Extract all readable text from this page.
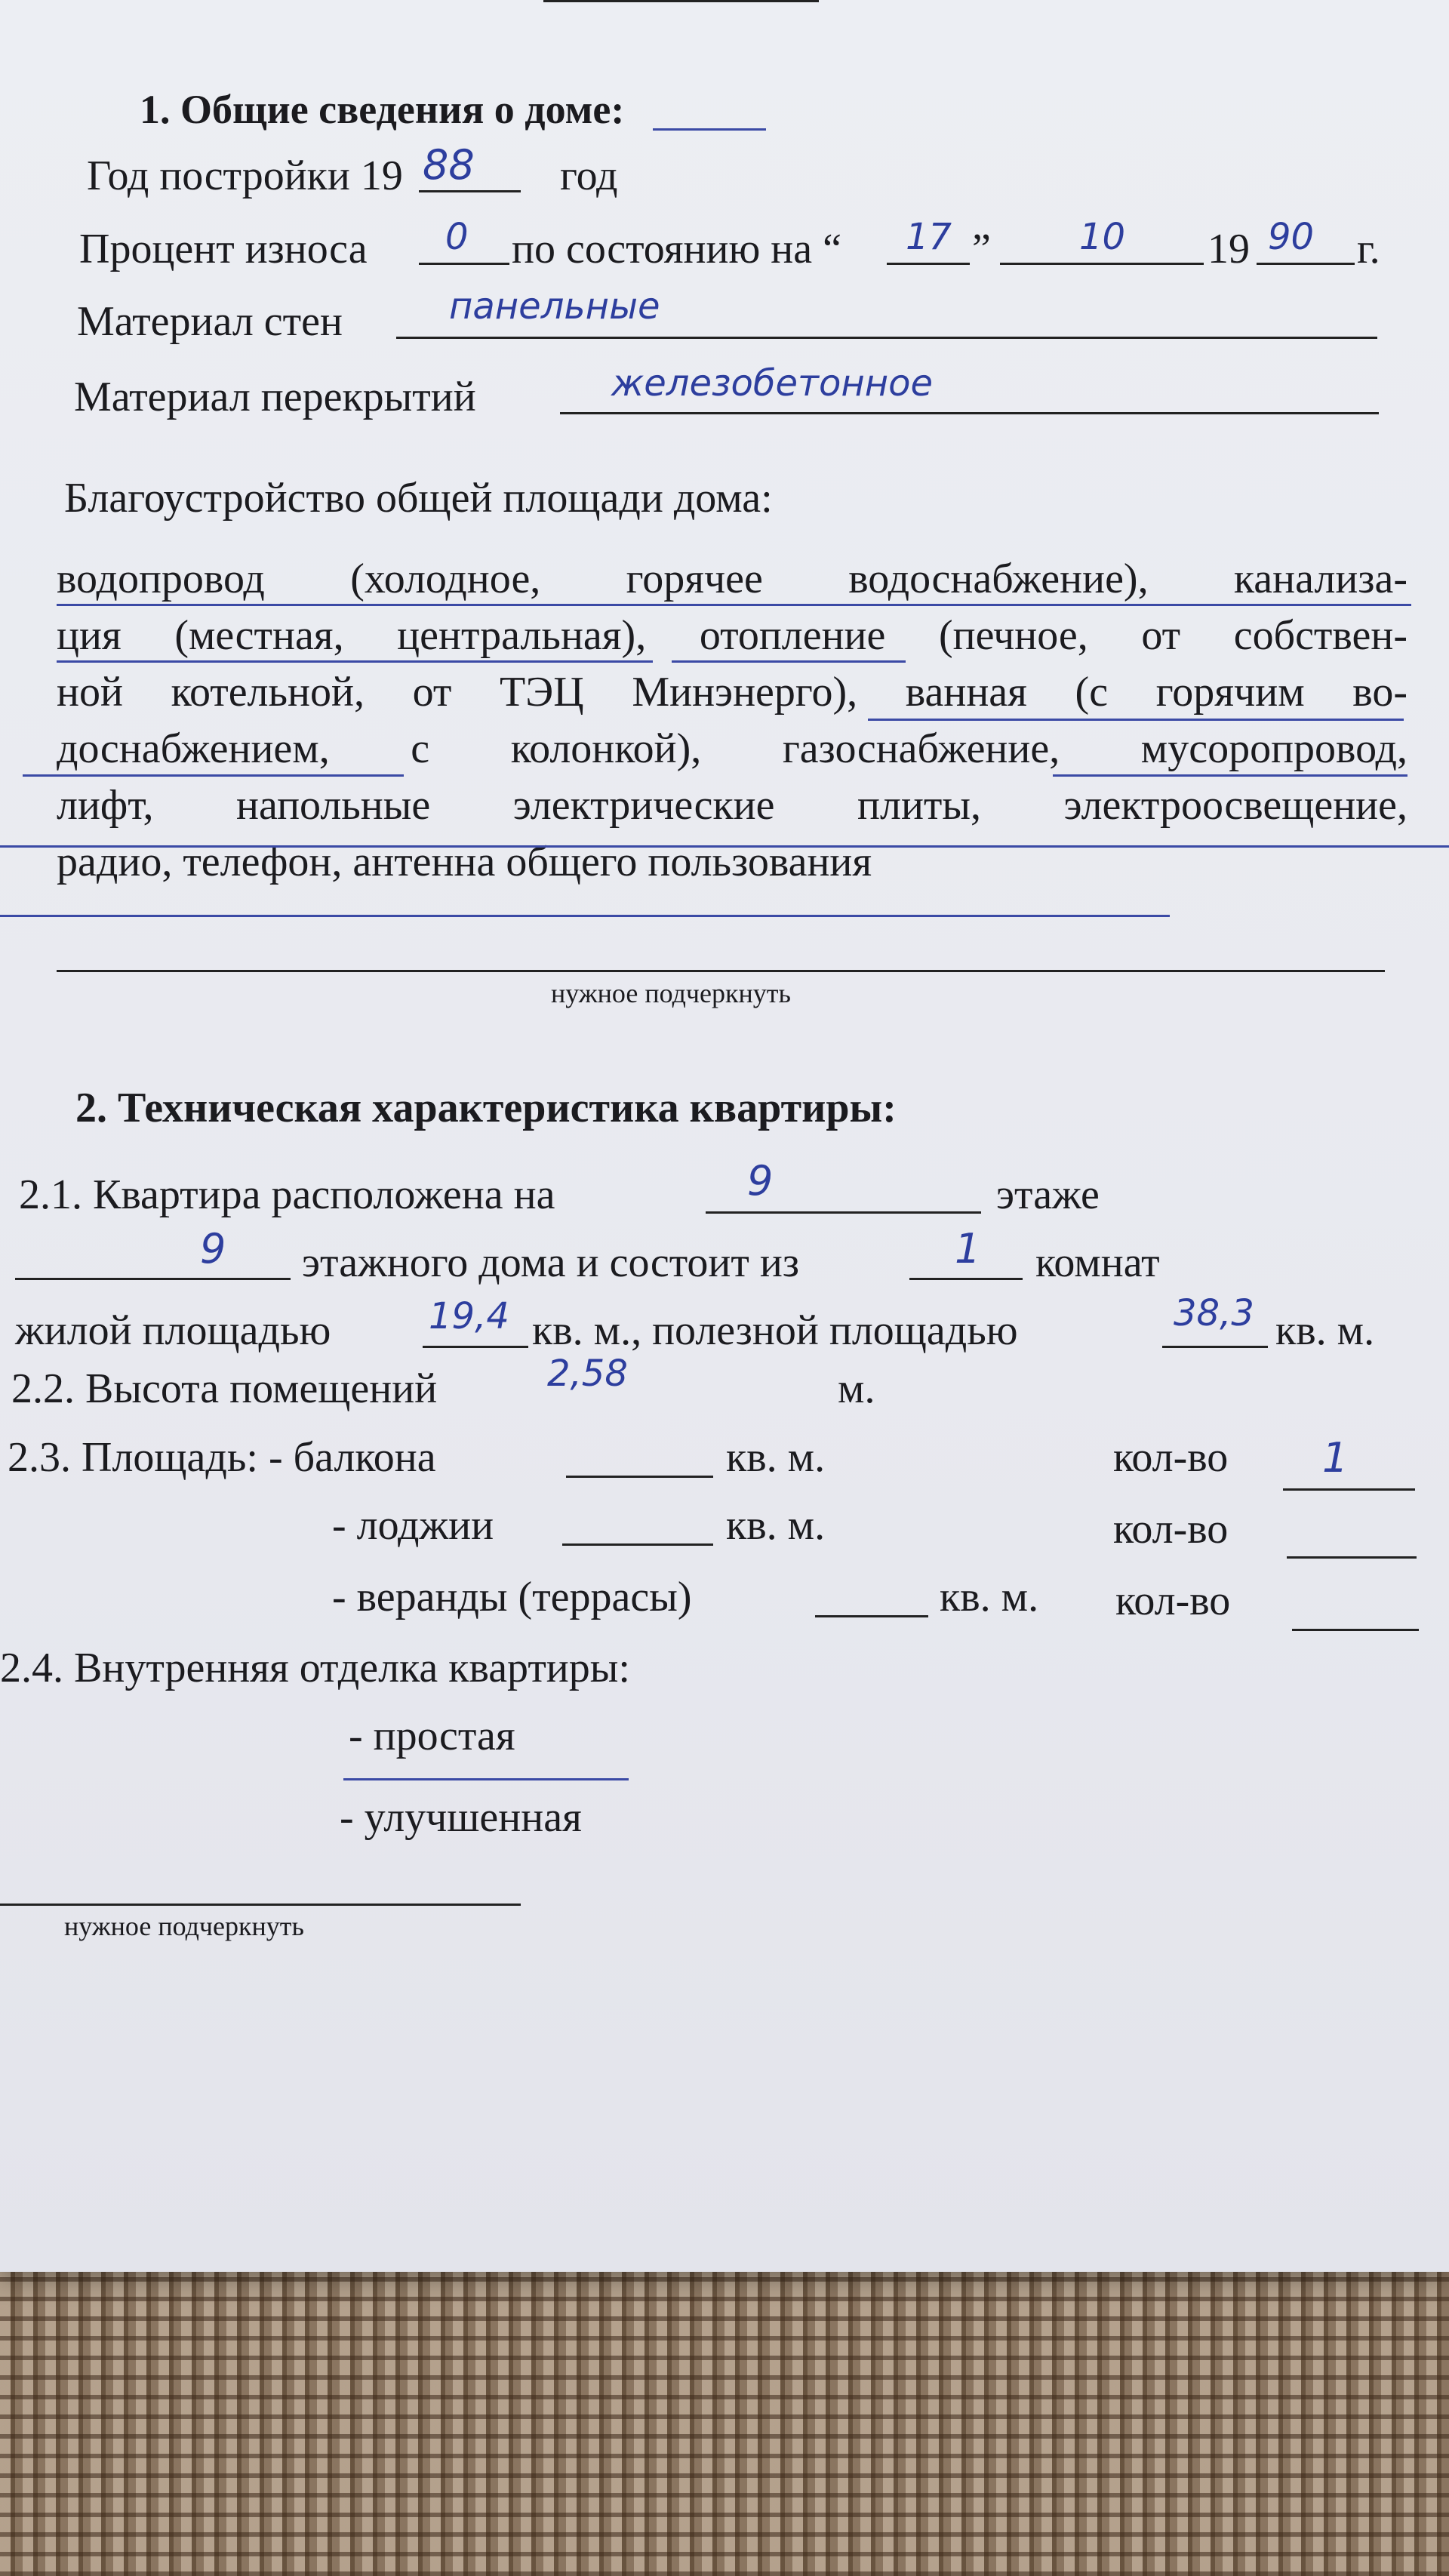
1. Общие сведения о доме:
Год постройки 19 88 год
Процент износа 0 по состоянию на “ 17 ” 10 19 90 г.
Материал стен	панельные
Материал перекрытий	железобетонное
Благоустройство общей площади дома:
водопровод (холодное, горячее водоснабжение), канализа-
ция (местная, центральная), отопление (печное, от собствен-
ной котельной, от ТЭЦ Минэнерго), ванная (с горячим во-
доснабжением, с колонкой), газоснабжение, мусоропровод,
лифт, напольные электрические плиты, электроосвещение,
радио, телефон, антенна общего пользования
нужное подчеркнуть
2. Техническая характеристика квартиры:
2.1. Квартира расположена на	9	этаже
9 этажного дома и состоит из	1 комнат
жилой площадью	19,4 кв. м., полезной площадью	38,3 кв. м.
2.2. Высота помещений	2,58	м.
2.3. Площадь: - балкона	кв. м.	кол-во 1
- лоджии	кв. м.	кол-во
- веранды (террасы)	кв. м. кол-во
2.4. Внутренняя отделка квартиры:
- простая
- улучшенная
нужное подчеркнуть
